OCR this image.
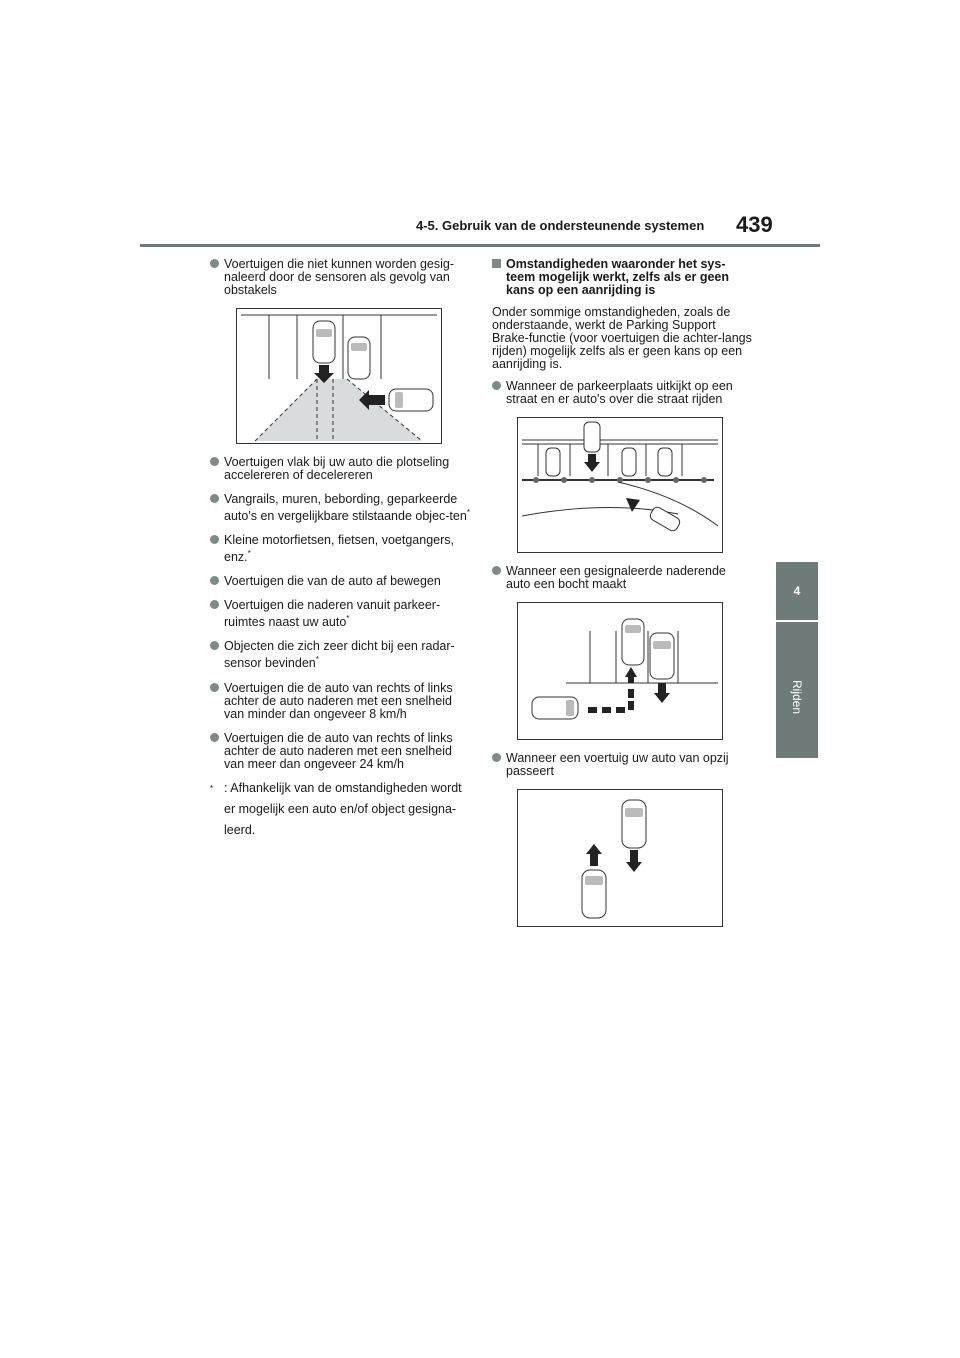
4-5. Gebruik van de ondersteunende systemen 439
4
Rijden
Voertuigen die niet kunnen worden gesig-naleerd door de sensoren als gevolg van obstakels
Voertuigen vlak bij uw auto die plotseling accelereren of decelereren
Vangrails, muren, bebording, geparkeerde auto's en vergelijkbare stilstaande objec-ten*
Kleine motorfietsen, fietsen, voetgangers, enz.*
Voertuigen die van de auto af bewegen
Voertuigen die naderen vanuit parkeer-ruimtes naast uw auto*
Objecten die zich zeer dicht bij een radar-sensor bevinden*
Voertuigen die de auto van rechts of links achter de auto naderen met een snelheid van minder dan ongeveer 8 km/h
Voertuigen die de auto van rechts of links achter de auto naderen met een snelheid van meer dan ongeveer 24 km/h
* : Afhankelijk van de omstandigheden wordt er mogelijk een auto en/of object gesigna-leerd.
Omstandigheden waaronder het sys-teem mogelijk werkt, zelfs als er geen kans op een aanrijding is
Onder sommige omstandigheden, zoals de onderstaande, werkt de Parking Support Brake-functie (voor voertuigen die achter-langs rijden) mogelijk zelfs als er geen kans op een aanrijding is.
Wanneer de parkeerplaats uitkijkt op een straat en er auto's over die straat rijden
Wanneer een gesignaleerde naderende auto een bocht maakt
Wanneer een voertuig uw auto van opzij passeert
